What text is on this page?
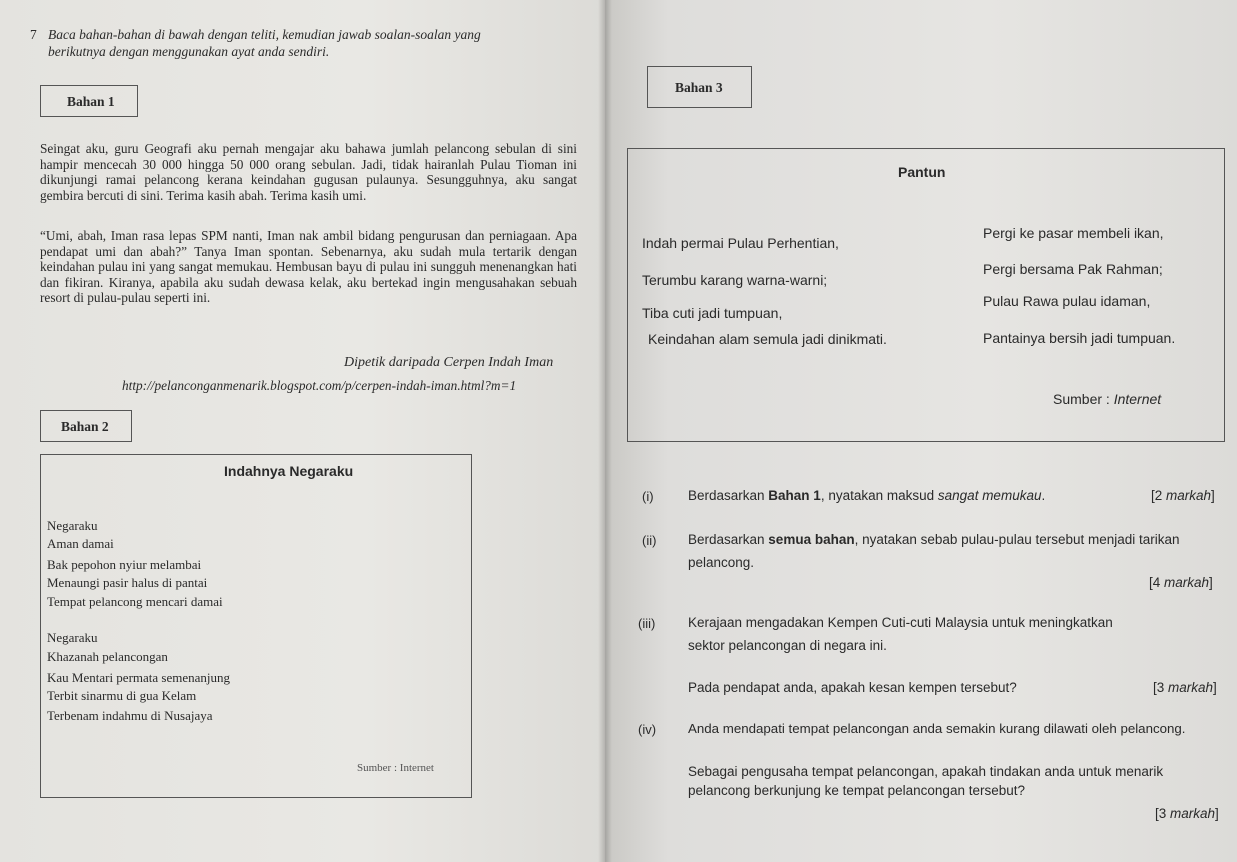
7 Baca bahan-bahan di bawah dengan teliti, kemudian jawab soalan-soalan yang
berikutnya dengan menggunakan ayat anda sendiri.
Bahan 1
Seingat aku, guru Geografi aku pernah mengajar aku bahawa jumlah pelancong sebulan di sini hampir mencecah 30 000 hingga 50 000 orang sebulan. Jadi, tidak hairanlah Pulau Tioman ini dikunjungi ramai pelancong kerana keindahan gugusan pulaunya. Sesungguhnya, aku sangat gembira bercuti di sini. Terima kasih abah. Terima kasih umi.
“Umi, abah, Iman rasa lepas SPM nanti, Iman nak ambil bidang pengurusan dan perniagaan. Apa pendapat umi dan abah?” Tanya Iman spontan. Sebenarnya, aku sudah mula tertarik dengan keindahan pulau ini yang sangat memukau. Hembusan bayu di pulau ini sungguh menenangkan hati dan fikiran. Kiranya, apabila aku sudah dewasa kelak, aku bertekad ingin mengusahakan sebuah resort di pulau-pulau seperti ini.
Dipetik daripada Cerpen Indah Iman
http://pelanconganmenarik.blogspot.com/p/cerpen-indah-iman.html?m=1
Bahan 2
Indahnya Negaraku
Negaraku
Aman damai
Bak pepohon nyiur melambai
Menaungi pasir halus di pantai
Tempat pelancong mencari damai
Negaraku
Khazanah pelancongan
Kau Mentari permata semenanjung
Terbit sinarmu di gua Kelam
Terbenam indahmu di Nusajaya
Sumber : Internet
Bahan 3
Pantun
Indah permai Pulau Perhentian,
Terumbu karang warna-warni;
Tiba cuti jadi tumpuan,
Keindahan alam semula jadi dinikmati.
Pergi ke pasar membeli ikan,
Pergi bersama Pak Rahman;
Pulau Rawa pulau idaman,
Pantainya bersih jadi tumpuan.
Sumber : Internet
(i)	Berdasarkan Bahan 1, nyatakan maksud sangat memukau.	[2 markah]
(ii) Berdasarkan semua bahan, nyatakan sebab pulau-pulau tersebut menjadi tarikan
pelancong.
[4 markah]
(iii) Kerajaan mengadakan Kempen Cuti-cuti Malaysia untuk meningkatkan
sektor pelancongan di negara ini.
Pada pendapat anda, apakah kesan kempen tersebut?	[3 markah]
(iv) Anda mendapati tempat pelancongan anda semakin kurang dilawati oleh pelancong.
Sebagai pengusaha tempat pelancongan, apakah tindakan anda untuk menarik
pelancong berkunjung ke tempat pelancongan tersebut?
[3 markah]
